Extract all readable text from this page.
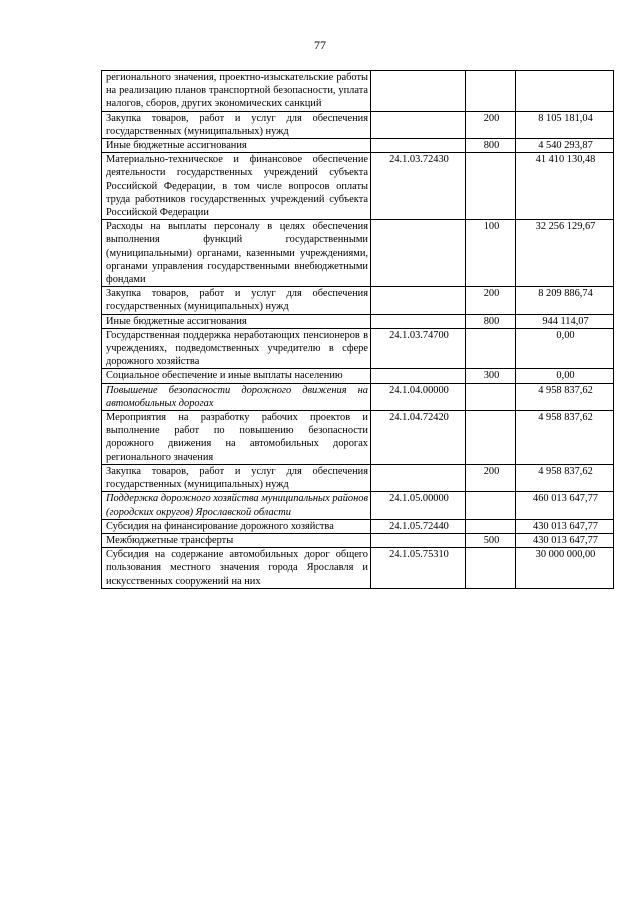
77
регионального значения, проектно-изыскательские работы на реализацию планов транспортной безопасности, уплата налогов, сборов, других экономических санкций			
Закупка товаров, работ и услуг для обеспечения государственных (муниципальных) нужд		200	8 105 181,04
Иные бюджетные ассигнования		800	4 540 293,87
Материально-техническое и финансовое обеспечение деятельности государственных учреждений субъекта Российской Федерации, в том числе вопросов оплаты труда работников государственных учреждений субъекта Российской Федерации	24.1.03.72430		41 410 130,48
Расходы на выплаты персоналу в целях обеспечения выполнения функций государственными (муниципальными) органами, казенными учреждениями, органами управления государственными внебюджетными фондами		100	32 256 129,67
Закупка товаров, работ и услуг для обеспечения государственных (муниципальных) нужд		200	8 209 886,74
Иные бюджетные ассигнования		800	944 114,07
Государственная поддержка неработающих пенсионеров в учреждениях, подведомственных учредителю в сфере дорожного хозяйства	24.1.03.74700		0,00
Социальное обеспечение и иные выплаты населению		300	0,00
Повышение безопасности дорожного движения на автомобильных дорогах	24.1.04.00000		4 958 837,62
Мероприятия на разработку рабочих проектов и выполнение работ по повышению безопасности дорожного движения на автомобильных дорогах регионального значения	24.1.04.72420		4 958 837,62
Закупка товаров, работ и услуг для обеспечения государственных (муниципальных) нужд		200	4 958 837,62
Поддержка дорожного хозяйства муниципальных районов (городских округов) Ярославской области	24.1.05.00000		460 013 647,77
Субсидия на финансирование дорожного хозяйства	24.1.05.72440		430 013 647,77
Межбюджетные трансферты		500	430 013 647,77
Субсидия на содержание автомобильных дорог общего пользования местного значения города Ярославля и искусственных сооружений на них	24.1.05.75310		30 000 000,00
